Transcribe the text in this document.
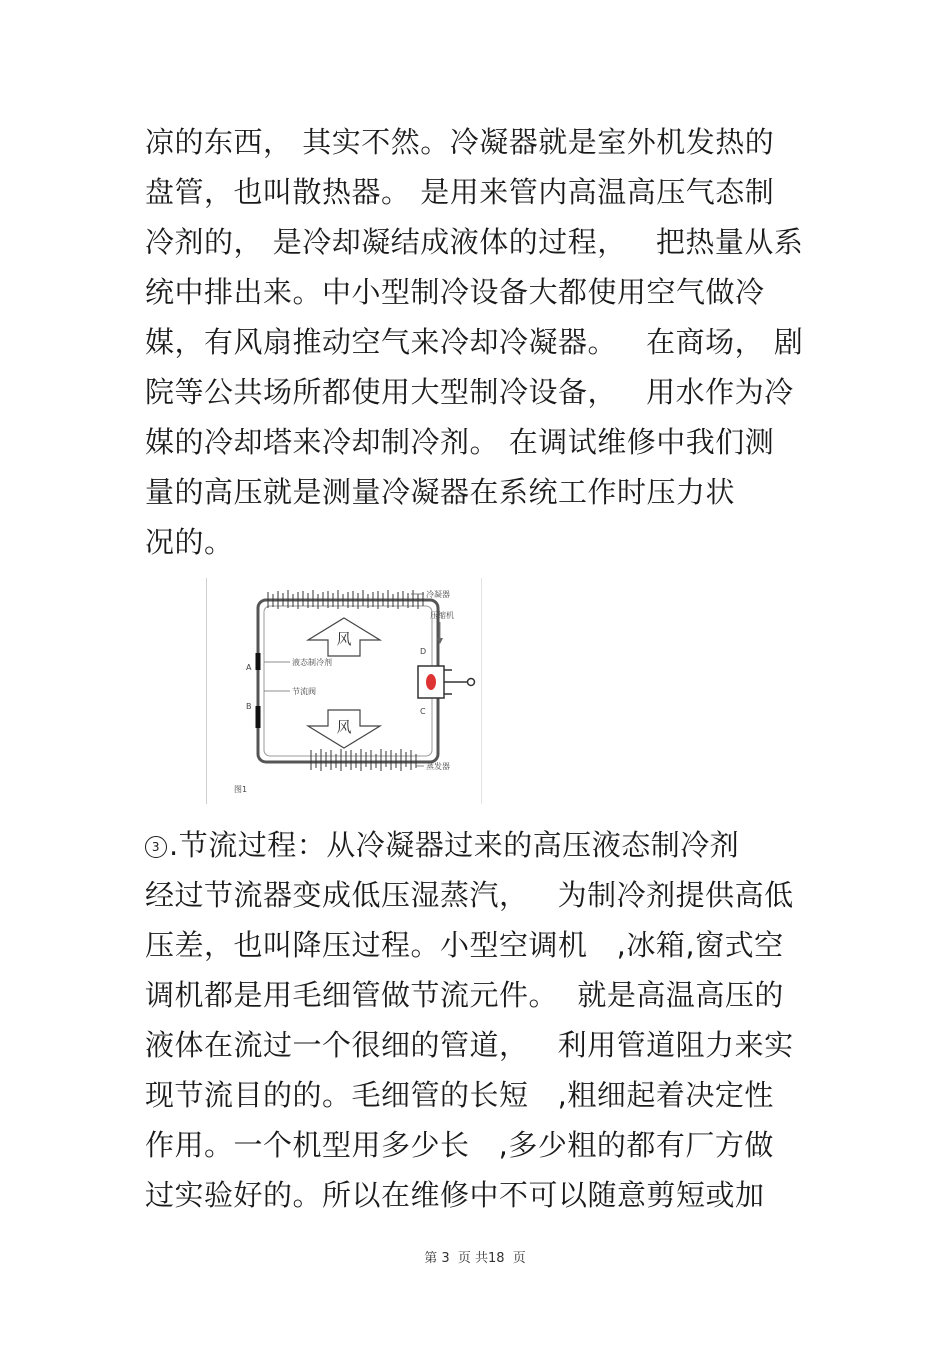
凉的东西， 其实不然。冷凝器就是室外机发热的
盘管，也叫散热器。 是用来管内高温高压气态制
冷剂的， 是冷却凝结成液体的过程，   把热量从系
统中排出来。中小型制冷设备大都使用空气做冷
媒，有风扇推动空气来冷却冷凝器。   在商场， 剧
院等公共场所都使用大型制冷设备，   用水作为冷
媒的冷却塔来冷却制冷剂。 在调试维修中我们测
量的高压就是测量冷凝器在系统工作时压力状
况的。
风
风
冷凝器
压缩机
液态制冷剂
节流阀
蒸发器
A
B
C
D
图1
3 .节流过程：从冷凝器过来的高压液态制冷剂
经过节流器变成低压湿蒸汽，   为制冷剂提供高低
压差，也叫降压过程。小型空调机   ,冰箱,窗式空
调机都是用毛细管做节流元件。  就是高温高压的
液体在流过一个很细的管道，   利用管道阻力来实
现节流目的的。毛细管的长短   ,粗细起着决定性
作用。一个机型用多少长   ,多少粗的都有厂方做
过实验好的。所以在维修中不可以随意剪短或加
第 3  页 共18  页
